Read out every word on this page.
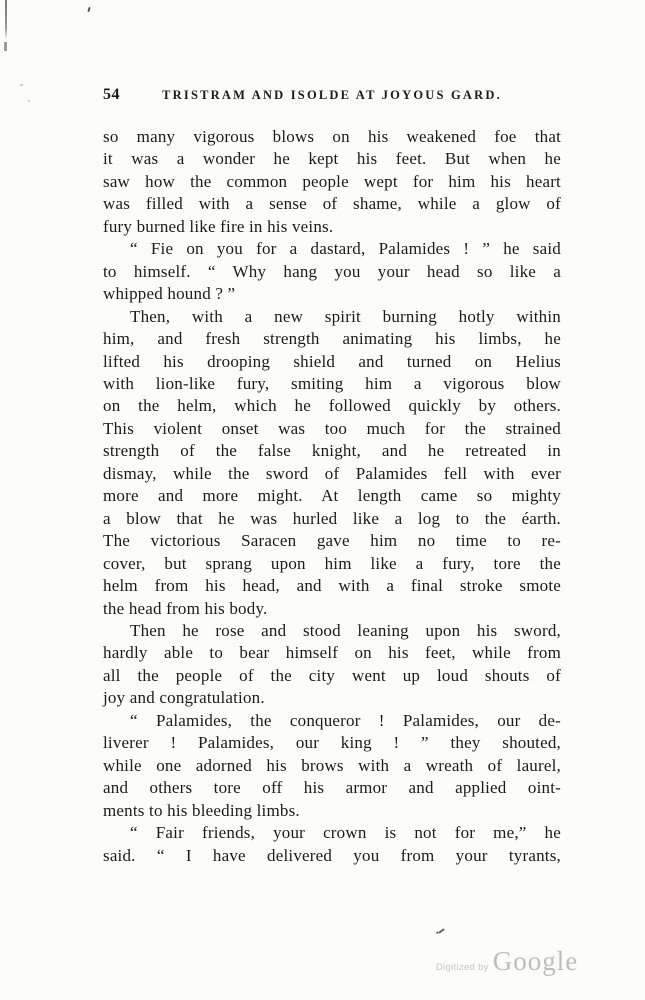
54	TRISTRAM AND ISOLDE AT JOYOUS GARD.
so many vigorous blows on his weakened foe that
it was a wonder he kept his feet. But when he
saw how the common people wept for him his heart
was filled with a sense of shame, while a glow of
fury burned like fire in his veins.
“ Fie on you for a dastard, Palamides ! ” he said
to himself. “ Why hang you your head so like a
whipped hound ? ”
Then, with a new spirit burning hotly within
him, and fresh strength animating his limbs, he
lifted his drooping shield and turned on Helius
with lion-like fury, smiting him a vigorous blow
on the helm, which he followed quickly by others.
This violent onset was too much for the strained
strength of the false knight, and he retreated in
dismay, while the sword of Palamides fell with ever
more and more might. At length came so mighty
a blow that he was hurled like a log to the éarth.
The victorious Saracen gave him no time to re-
cover, but sprang upon him like a fury, tore the
helm from his head, and with a final stroke smote
the head from his body.
Then he rose and stood leaning upon his sword,
hardly able to bear himself on his feet, while from
all the people of the city went up loud shouts of
joy and congratulation.
“ Palamides, the conqueror ! Palamides, our de-
liverer ! Palamides, our king ! ” they shouted,
while one adorned his brows with a wreath of laurel,
and others tore off his armor and applied oint-
ments to his bleeding limbs.
“ Fair friends, your crown is not for me,” he
said. “ I have delivered you from your tyrants,
Digitized by Google
